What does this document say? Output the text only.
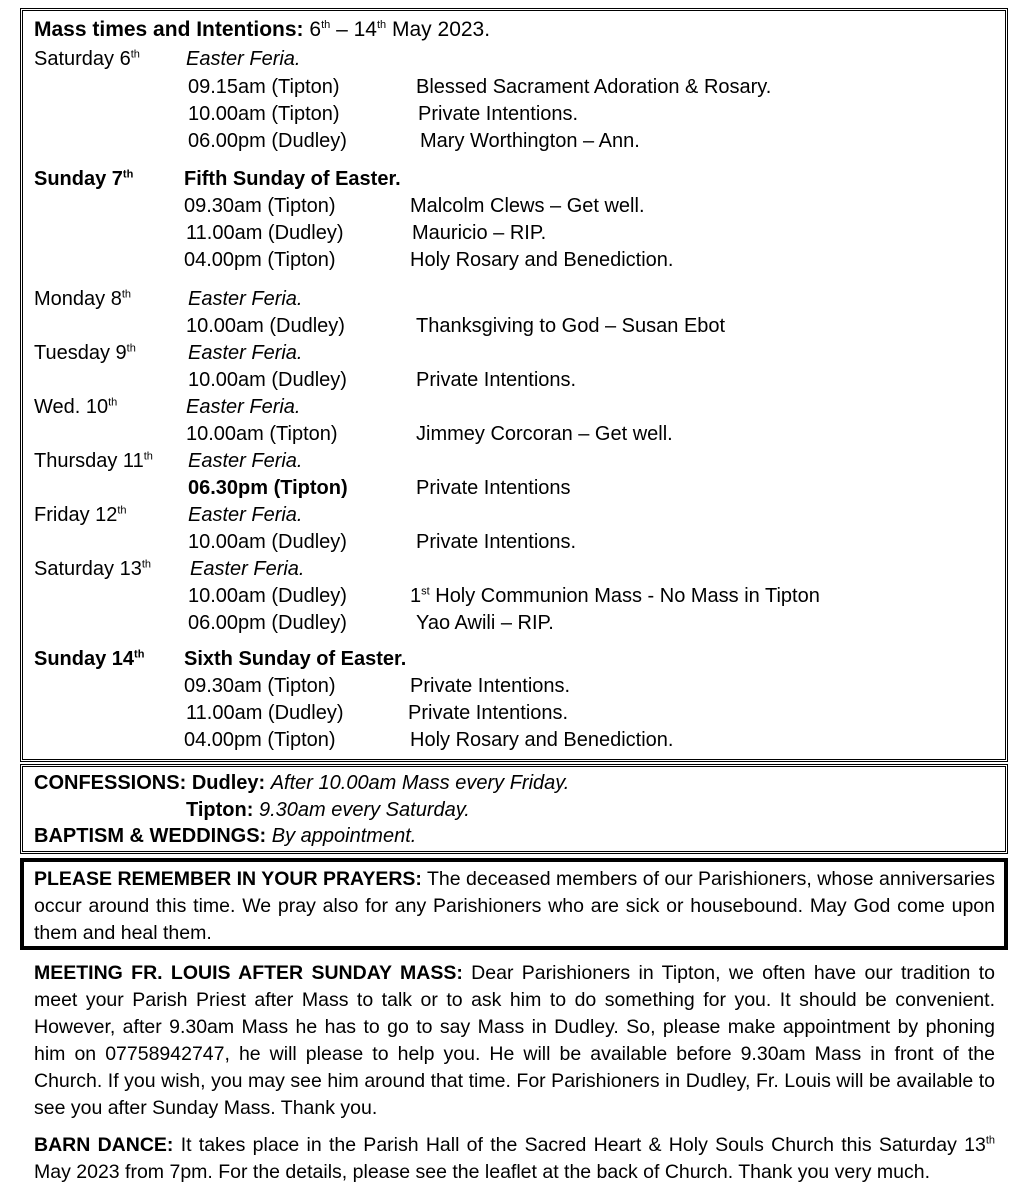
Mass times and Intentions: 6th – 14th May 2023.
Saturday 6th Easter Feria.
09.15am (Tipton)	Blessed Sacrament Adoration & Rosary.
10.00am (Tipton)	Private Intentions.
06.00pm (Dudley)	Mary Worthington – Ann.
Sunday 7th	Fifth Sunday of Easter.
09.30am (Tipton)	Malcolm Clews – Get well.
11.00am (Dudley)	Mauricio – RIP.
04.00pm (Tipton)	Holy Rosary and Benediction.
Monday 8th	Easter Feria.
10.00am (Dudley)	Thanksgiving to God – Susan Ebot
Tuesday 9th	Easter Feria.
10.00am (Dudley)	Private Intentions.
Wed. 10th	Easter Feria.
10.00am (Tipton)	Jimmey Corcoran – Get well.
Thursday 11th Easter Feria.
06.30pm (Tipton)	Private Intentions
Friday 12th	Easter Feria.
10.00am (Dudley)	Private Intentions.
Saturday 13th Easter Feria.
10.00am (Dudley)	1st Holy Communion Mass - No Mass in Tipton
06.00pm (Dudley)	Yao Awili – RIP.
Sunday 14th Sixth Sunday of Easter.
09.30am (Tipton)	Private Intentions.
11.00am (Dudley)	Private Intentions.
04.00pm (Tipton)	Holy Rosary and Benediction.
CONFESSIONS: Dudley: After 10.00am Mass every Friday.
Tipton: 9.30am every Saturday.
BAPTISM & WEDDINGS: By appointment.
PLEASE REMEMBER IN YOUR PRAYERS: The deceased members of our Parishioners, whose anniversaries occur around this time. We pray also for any Parishioners who are sick or housebound. May God come upon them and heal them.
MEETING FR. LOUIS AFTER SUNDAY MASS: Dear Parishioners in Tipton, we often have our tradition to meet your Parish Priest after Mass to talk or to ask him to do something for you. It should be convenient. However, after 9.30am Mass he has to go to say Mass in Dudley. So, please make appointment by phoning him on 07758942747, he will please to help you. He will be available before 9.30am Mass in front of the Church. If you wish, you may see him around that time. For Parishioners in Dudley, Fr. Louis will be available to see you after Sunday Mass. Thank you.
BARN DANCE: It takes place in the Parish Hall of the Sacred Heart & Holy Souls Church this Saturday 13th May 2023 from 7pm. For the details, please see the leaflet at the back of Church. Thank you very much.
